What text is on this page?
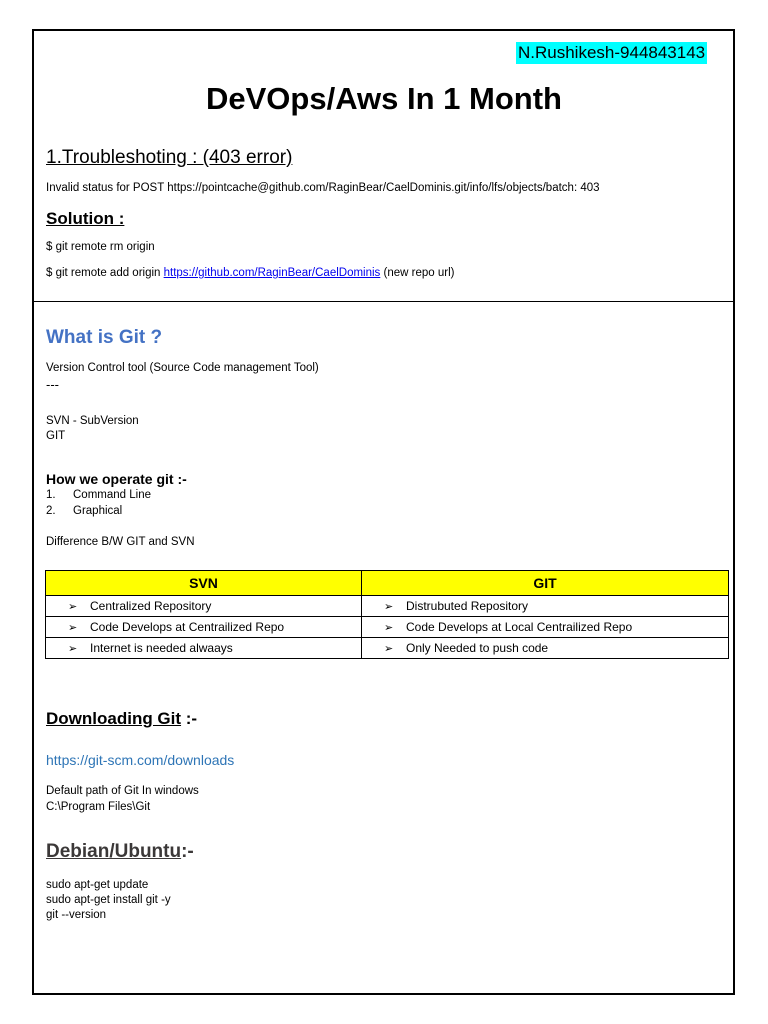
N.Rushikesh-944843143
DeVOps/Aws In 1 Month
1.Troubleshoting : (403 error)
Invalid status for POST https://pointcache@github.com/RaginBear/CaelDominis.git/info/lfs/objects/batch: 403
Solution :
$ git remote rm origin
$ git remote add origin https://github.com/RaginBear/CaelDominis (new repo url)
What is Git ?
Version Control tool (Source Code management Tool)
---
SVN - SubVersion
GIT
How we operate git :-
1. Command Line
2. Graphical
Difference B/W GIT and SVN
SVN	GIT
➢ Centralized Repository	➢ Distrubuted Repository
➢ Code Develops at Centrailized Repo	➢ Code Develops at Local Centrailized Repo
➢ Internet is needed alwaays	➢ Only Needed to push code
Downloading Git :-
https://git-scm.com/downloads
Default path of Git In windows
C:\Program Files\Git
Debian/Ubuntu:-
sudo apt-get update
sudo apt-get install git -y
git --version
